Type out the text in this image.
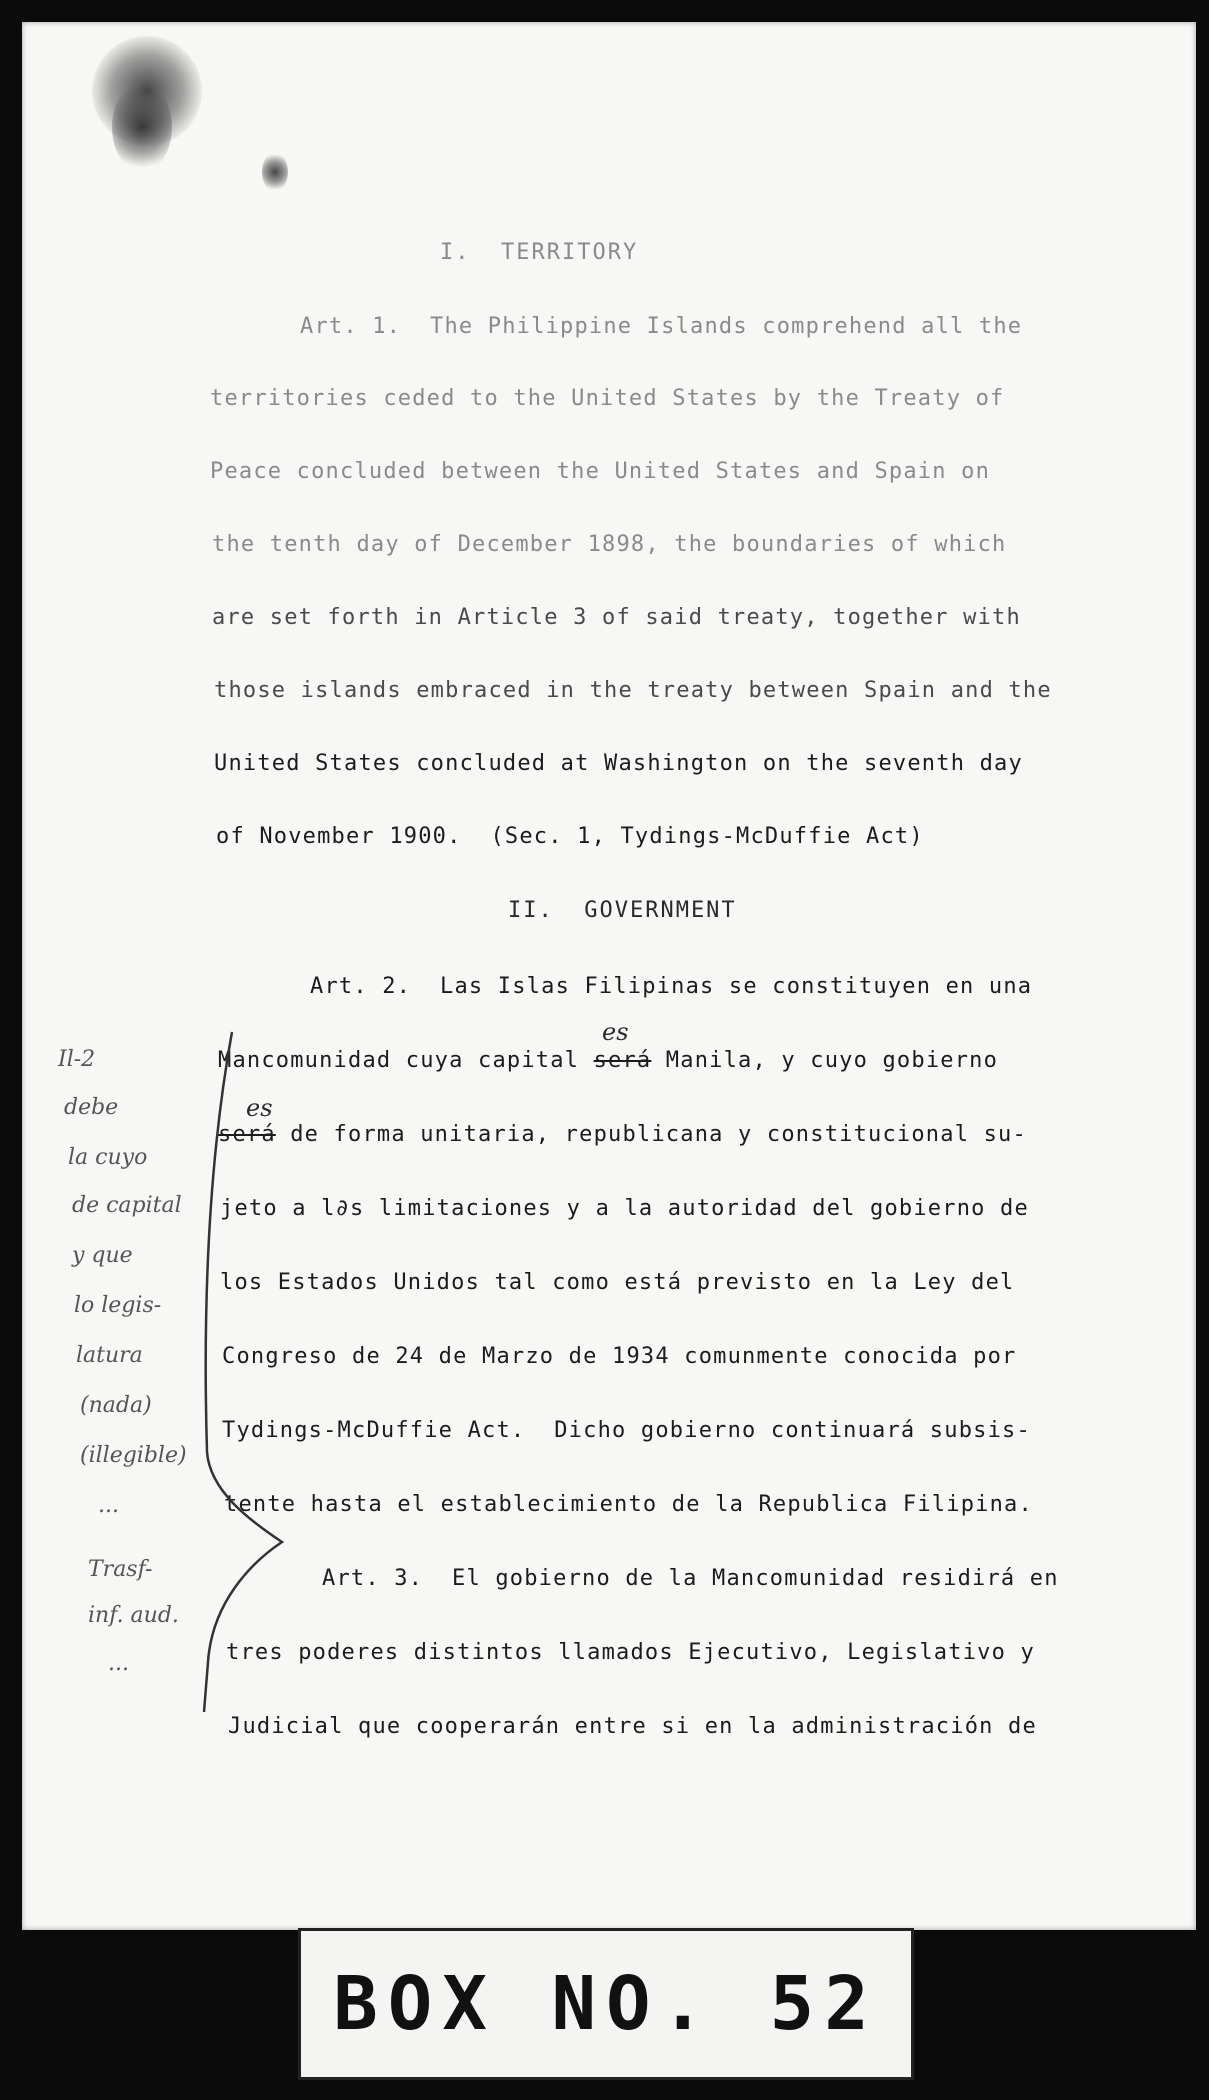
I.  TERRITORY
Art. 1.  The Philippine Islands comprehend all the
territories ceded to the United States by the Treaty of
Peace concluded between the United States and Spain on
the tenth day of December 1898, the boundaries of which
are set forth in Article 3 of said treaty, together with
those islands embraced in the treaty between Spain and the
United States concluded at Washington on the seventh day
of November 1900.  (Sec. 1, Tydings-McDuffie Act)
II.  GOVERNMENT
Art. 2.  Las Islas Filipinas se constituyen en una
Mancomunidad cuya capital será Manila, y cuyo gobierno
es
será de forma unitaria, republicana y constitucional su-
es
jeto a l∂s limitaciones y a la autoridad del gobierno de
los Estados Unidos tal como está previsto en la Ley del
Congreso de 24 de Marzo de 1934 comunmente conocida por
Tydings-McDuffie Act.  Dicho gobierno continuará subsis-
tente hasta el establecimiento de la Republica Filipina.
Art. 3.  El gobierno de la Mancomunidad residirá en
tres poderes distintos llamados Ejecutivo, Legislativo y
Judicial que cooperarán entre si en la administración de
Il-2
debe
la cuyo
de capital
y que
lo legis-
latura
(nada)
(illegible)
...
Trasf-
inf. aud.
...
BOX NO. 52
